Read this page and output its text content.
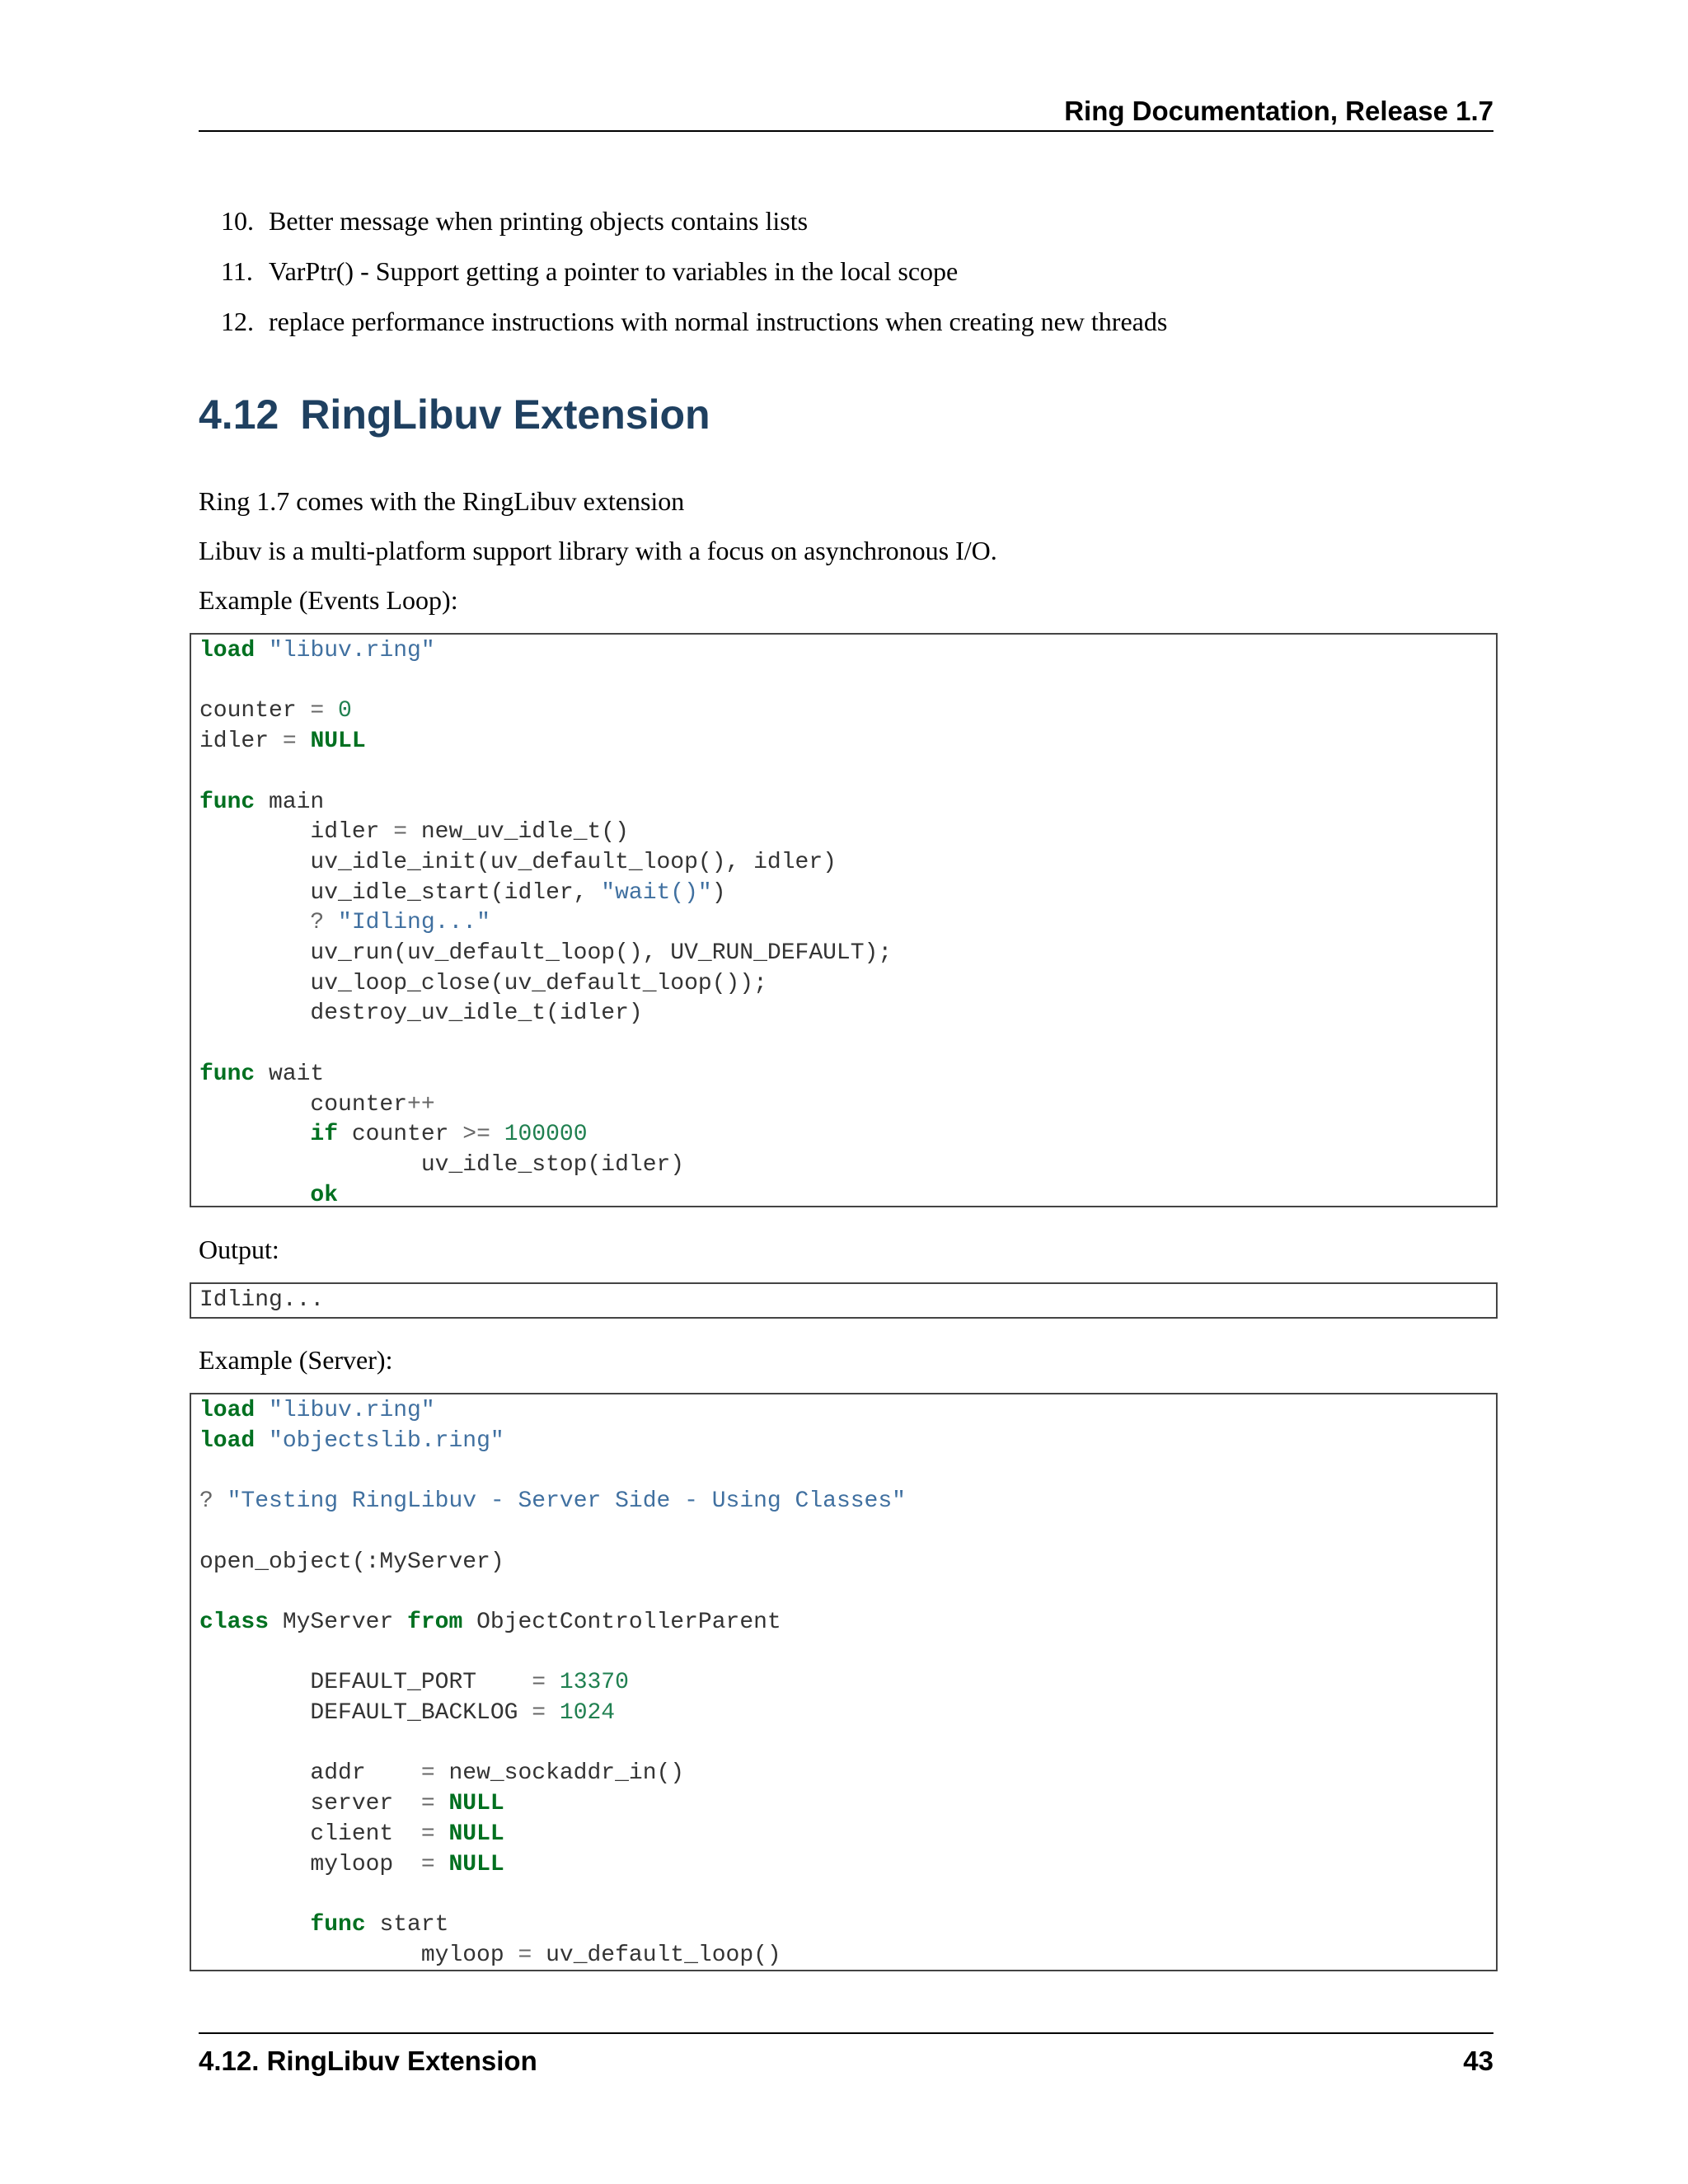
Ring Documentation, Release 1.7
10. Better message when printing objects contains lists
11. VarPtr() - Support getting a pointer to variables in the local scope
12. replace performance instructions with normal instructions when creating new threads
4.12 RingLibuv Extension

Ring 1.7 comes with the RingLibuv extension

Libuv is a multi-platform support library with a focus on asynchronous I/O.

Example (Events Loop):

load "libuv.ring"

counter = 0
idler = NULL

func main
idler = new_uv_idle_t()
uv_idle_init(uv_default_loop(), idler)
uv_idle_start(idler, "wait()")
? "Idling..."
uv_run(uv_default_loop(), UV_RUN_DEFAULT);
uv_loop_close(uv_default_loop());
destroy_uv_idle_t(idler)

func wait
counter++
if counter >= 100000
uv_idle_stop(idler)
ok

Output:

Idling...

Example (Server):

load "libuv.ring"
load "objectslib.ring"

? "Testing RingLibuv - Server Side - Using Classes"

open_object(:MyServer)

class MyServer from ObjectControllerParent

DEFAULT_PORT    = 13370
DEFAULT_BACKLOG = 1024

addr    = new_sockaddr_in()
server  = NULL
client  = NULL
myloop  = NULL

func start
myloop = uv_default_loop()
4.12. RingLibuv Extension	43
